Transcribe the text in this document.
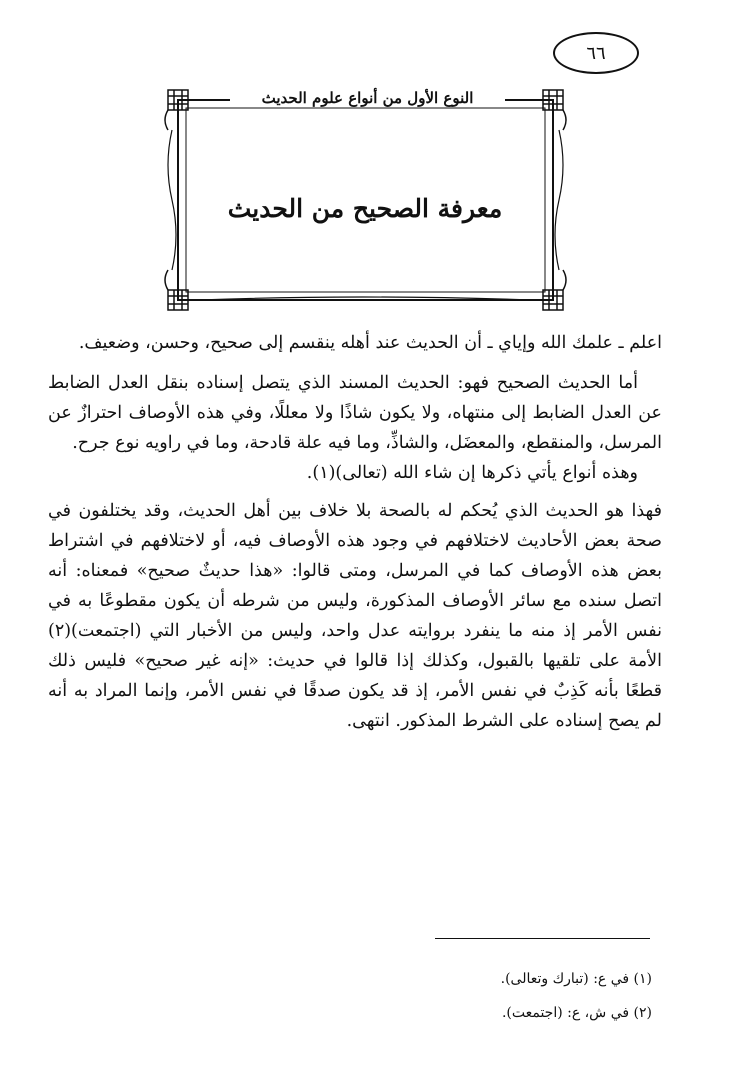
٦٦
النوع الأول من أنواع علوم الحديث
معرفة الصحيح من الحديث

اعلم ـ علمك الله وإياي ـ أن الحديث عند أهله ينقسم إلى صحيح، وحسن، وضعيف.

أما الحديث الصحيح فهو: الحديث المسند الذي يتصل إسناده بنقل العدل الضابط عن العدل الضابط إلى منتهاه، ولا يكون شاذًا ولا معللًا، وفي هذه الأوصاف احترازٌ عن المرسل، والمنقطع، والمعضَل، والشاذِّ، وما فيه علة قادحة، وما في راويه نوع جرح.

وهذه أنواع يأتي ذكرها إن شاء الله (تعالى)(١).

فهذا هو الحديث الذي يُحكم له بالصحة بلا خلاف بين أهل الحديث، وقد يختلفون في صحة بعض الأحاديث لاختلافهم في وجود هذه الأوصاف فيه، أو لاختلافهم في اشتراط بعض هذه الأوصاف كما في المرسل، ومتى قالوا: «هذا حديثٌ صحيح» فمعناه: أنه اتصل سنده مع سائر الأوصاف المذكورة، وليس من شرطه أن يكون مقطوعًا به في نفس الأمر إذ منه ما ينفرد بروايته عدل واحد، وليس من الأخبار التي (اجتمعت)(٢) الأمة على تلقيها بالقبول، وكذلك إذا قالوا في حديث: «إنه غير صحيح» فليس ذلك قطعًا بأنه كَذِبٌ في نفس الأمر، إذ قد يكون صدقًا في نفس الأمر، وإنما المراد به أنه لم يصح إسناده على الشرط المذكور. انتهى.

(١) في ع: (تبارك وتعالى).
(٢) في ش، ع: (اجتمعت).
